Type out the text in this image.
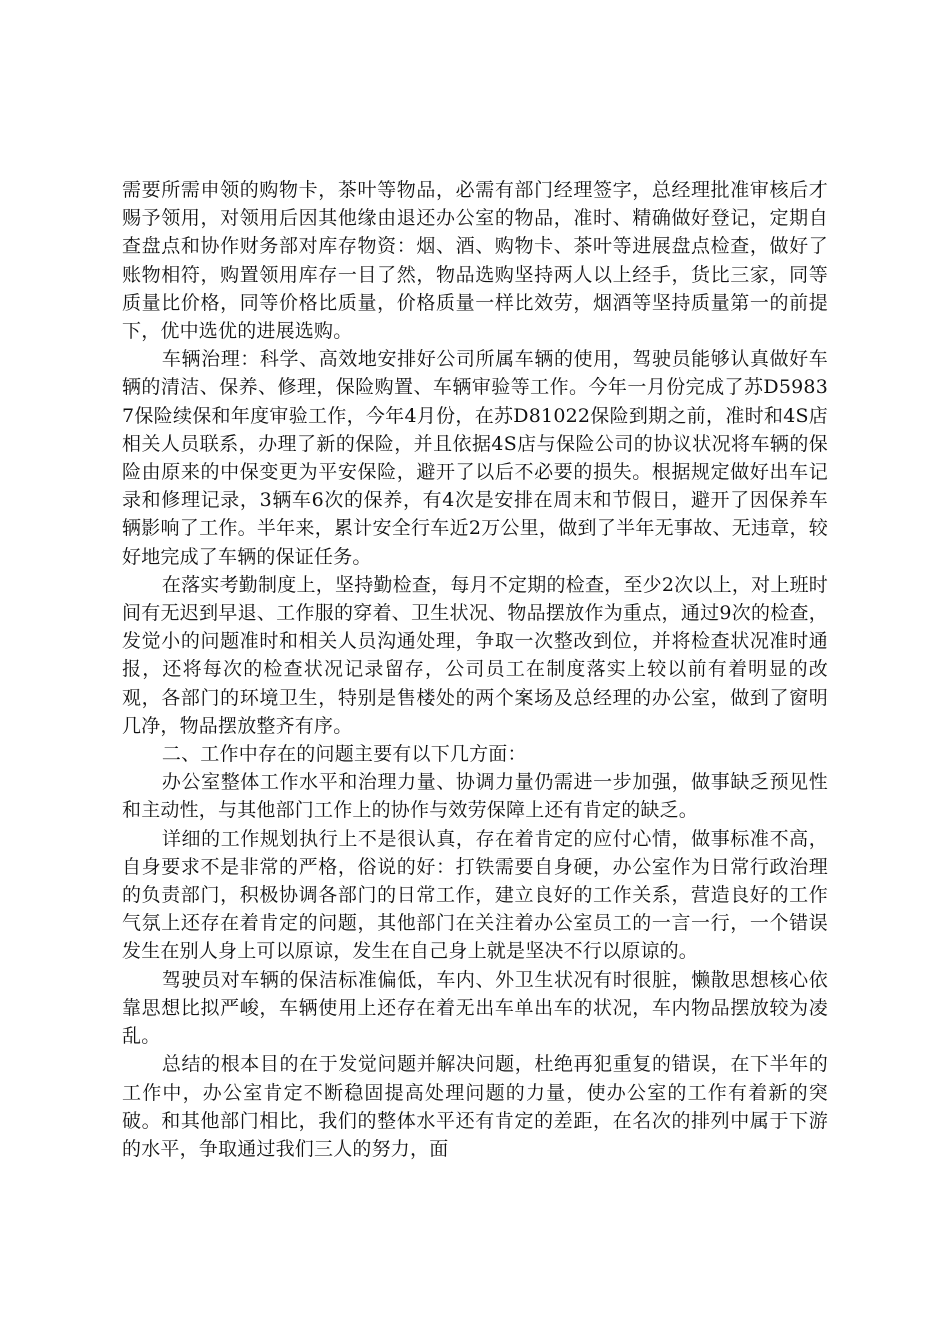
需要所需申领的购物卡，茶叶等物品，必需有部门经理签字，总经理批准审核后才赐予领用，对领用后因其他缘由退还办公室的物品，准时、精确做好登记，定期自查盘点和协作财务部对库存物资：烟、酒、购物卡、茶叶等进展盘点检查，做好了账物相符，购置领用库存一目了然，物品选购坚持两人以上经手，货比三家，同等质量比价格，同等价格比质量，价格质量一样比效劳，烟酒等坚持质量第一的前提下，优中选优的进展选购。

车辆治理：科学、高效地安排好公司所属车辆的使用，驾驶员能够认真做好车辆的清洁、保养、修理，保险购置、车辆审验等工作。今年一月份完成了苏D59837保险续保和年度审验工作，今年4月份，在苏D81022保险到期之前，准时和4S店相关人员联系，办理了新的保险，并且依据4S店与保险公司的协议状况将车辆的保险由原来的中保变更为平安保险，避开了以后不必要的损失。根据规定做好出车记录和修理记录，3辆车6次的保养，有4次是安排在周末和节假日，避开了因保养车辆影响了工作。半年来，累计安全行车近2万公里，做到了半年无事故、无违章，较好地完成了车辆的保证任务。

在落实考勤制度上，坚持勤检查，每月不定期的检查，至少2次以上，对上班时间有无迟到早退、工作服的穿着、卫生状况、物品摆放作为重点，通过9次的检查，发觉小的问题准时和相关人员沟通处理，争取一次整改到位，并将检查状况准时通报，还将每次的检查状况记录留存，公司员工在制度落实上较以前有着明显的改观，各部门的环境卫生，特别是售楼处的两个案场及总经理的办公室，做到了窗明几净，物品摆放整齐有序。

二、工作中存在的问题主要有以下几方面：

办公室整体工作水平和治理力量、协调力量仍需进一步加强，做事缺乏预见性和主动性，与其他部门工作上的协作与效劳保障上还有肯定的缺乏。

详细的工作规划执行上不是很认真，存在着肯定的应付心情，做事标准不高，自身要求不是非常的严格，俗说的好：打铁需要自身硬，办公室作为日常行政治理的负责部门，积极协调各部门的日常工作，建立良好的工作关系，营造良好的工作气氛上还存在着肯定的问题，其他部门在关注着办公室员工的一言一行，一个错误发生在别人身上可以原谅，发生在自己身上就是坚决不行以原谅的。

驾驶员对车辆的保洁标准偏低，车内、外卫生状况有时很脏，懒散思想核心依靠思想比拟严峻，车辆使用上还存在着无出车单出车的状况，车内物品摆放较为凌乱。

总结的根本目的在于发觉问题并解决问题，杜绝再犯重复的错误，在下半年的工作中，办公室肯定不断稳固提高处理问题的力量，使办公室的工作有着新的突破。和其他部门相比，我们的整体水平还有肯定的差距，在名次的排列中属于下游的水平，争取通过我们三人的努力，面
